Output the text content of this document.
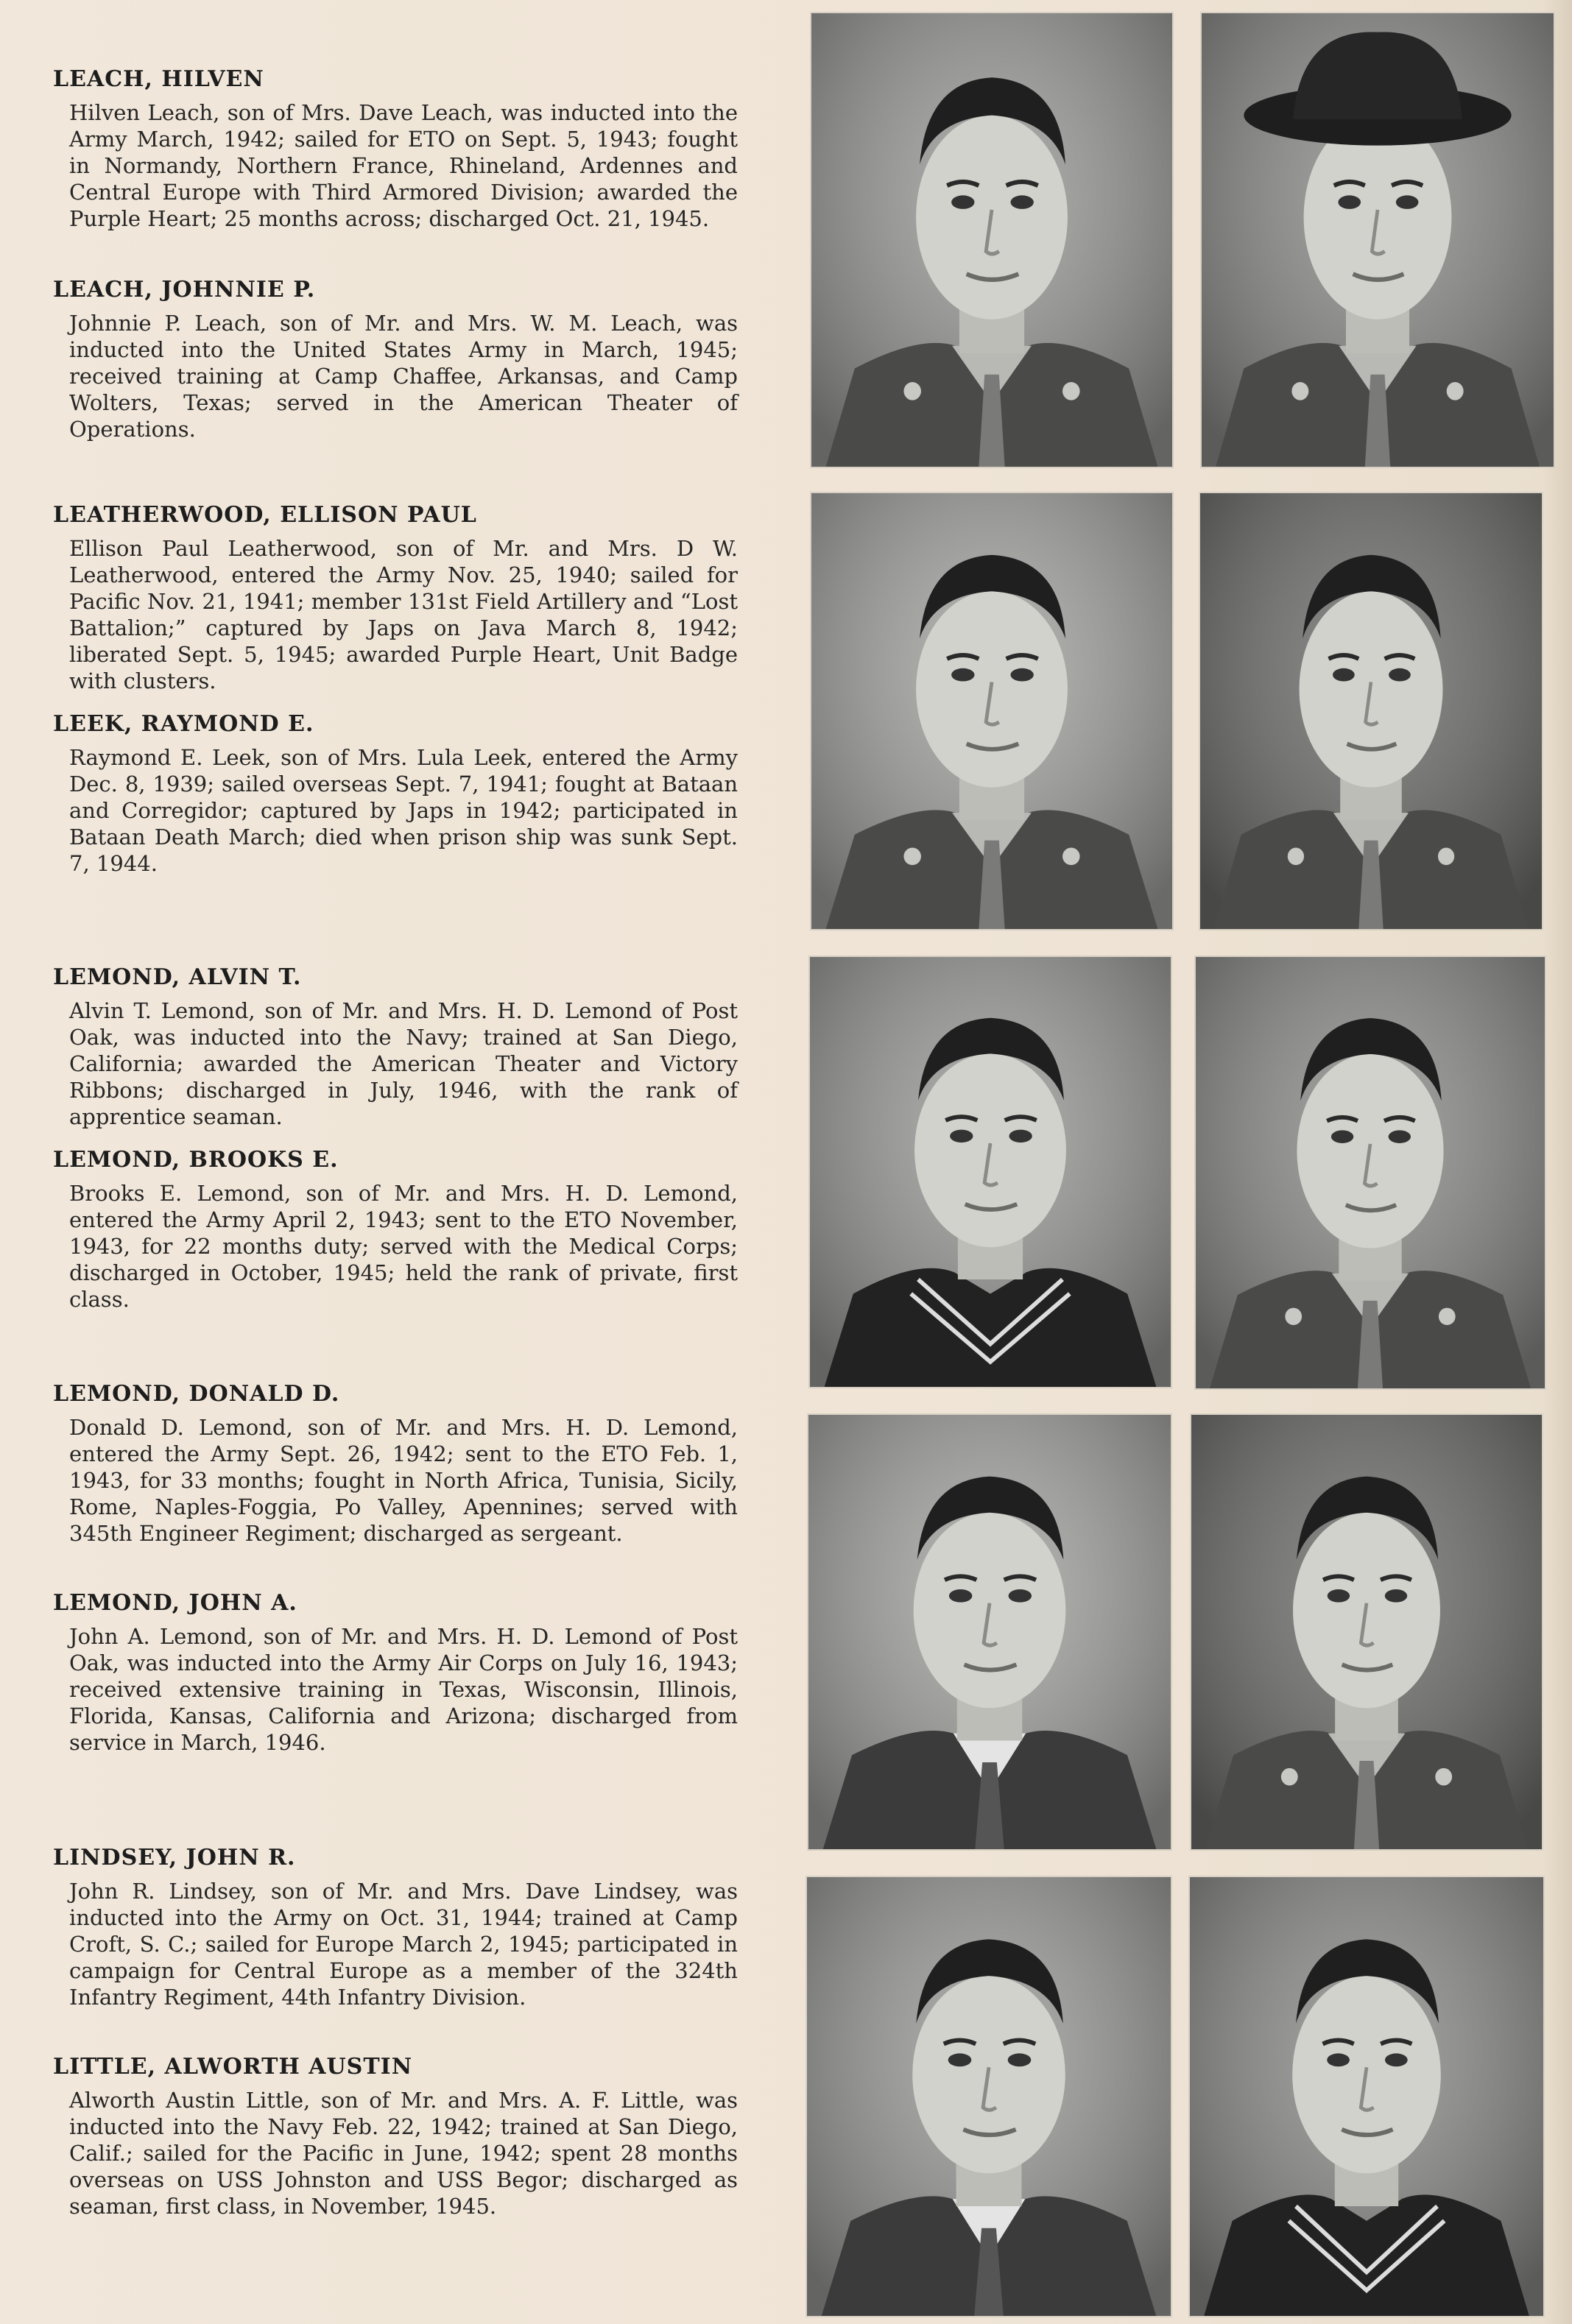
LEACH, HILVEN

Hilven Leach, son of Mrs. Dave Leach, was inducted into the Army March, 1942; sailed for ETO on Sept. 5, 1943; fought in Normandy, Northern France, Rhineland, Ardennes and Central Europe with Third Armored Division; awarded the Purple Heart; 25 months across; discharged Oct. 21, 1945.

LEACH, JOHNNIE P.

Johnnie P. Leach, son of Mr. and Mrs. W. M. Leach, was inducted into the United States Army in March, 1945; received training at Camp Chaffee, Arkansas, and Camp Wolters, Texas; served in the American Theater of Operations.

LEATHERWOOD, ELLISON PAUL

Ellison Paul Leatherwood, son of Mr. and Mrs. D W. Leatherwood, entered the Army Nov. 25, 1940; sailed for Pacific Nov. 21, 1941; member 131st Field Artillery and “Lost Battalion;” captured by Japs on Java March 8, 1942; liberated Sept. 5, 1945; awarded Purple Heart, Unit Badge with clusters.

LEEK, RAYMOND E.

Raymond E. Leek, son of Mrs. Lula Leek, entered the Army Dec. 8, 1939; sailed overseas Sept. 7, 1941; fought at Bataan and Corregidor; captured by Japs in 1942; participated in Bataan Death March; died when prison ship was sunk Sept. 7, 1944.

LEMOND, ALVIN T.

Alvin T. Lemond, son of Mr. and Mrs. H. D. Lemond of Post Oak, was inducted into the Navy; trained at San Diego, California; awarded the American Theater and Victory Ribbons; discharged in July, 1946, with the rank of apprentice seaman.

LEMOND, BROOKS E.

Brooks E. Lemond, son of Mr. and Mrs. H. D. Lemond, entered the Army April 2, 1943; sent to the ETO November, 1943, for 22 months duty; served with the Medical Corps; discharged in October, 1945; held the rank of private, first class.

LEMOND, DONALD D.

Donald D. Lemond, son of Mr. and Mrs. H. D. Lemond, entered the Army Sept. 26, 1942; sent to the ETO Feb. 1, 1943, for 33 months; fought in North Africa, Tunisia, Sicily, Rome, Naples-Foggia, Po Valley, Apennines; served with 345th Engineer Regiment; discharged as sergeant.

LEMOND, JOHN A.

John A. Lemond, son of Mr. and Mrs. H. D. Lemond of Post Oak, was inducted into the Army Air Corps on July 16, 1943; received extensive training in Texas, Wisconsin, Illinois, Florida, Kansas, California and Arizona; discharged from service in March, 1946.

LINDSEY, JOHN R.

John R. Lindsey, son of Mr. and Mrs. Dave Lindsey, was inducted into the Army on Oct. 31, 1944; trained at Camp Croft, S. C.; sailed for Europe March 2, 1945; participated in campaign for Central Europe as a member of the 324th Infantry Regiment, 44th Infantry Division.

LITTLE, ALWORTH AUSTIN

Alworth Austin Little, son of Mr. and Mrs. A. F. Little, was inducted into the Navy Feb. 22, 1942; trained at San Diego, Calif.; sailed for the Pacific in June, 1942; spent 28 months overseas on USS Johnston and USS Begor; discharged as seaman, first class, in November, 1945.
